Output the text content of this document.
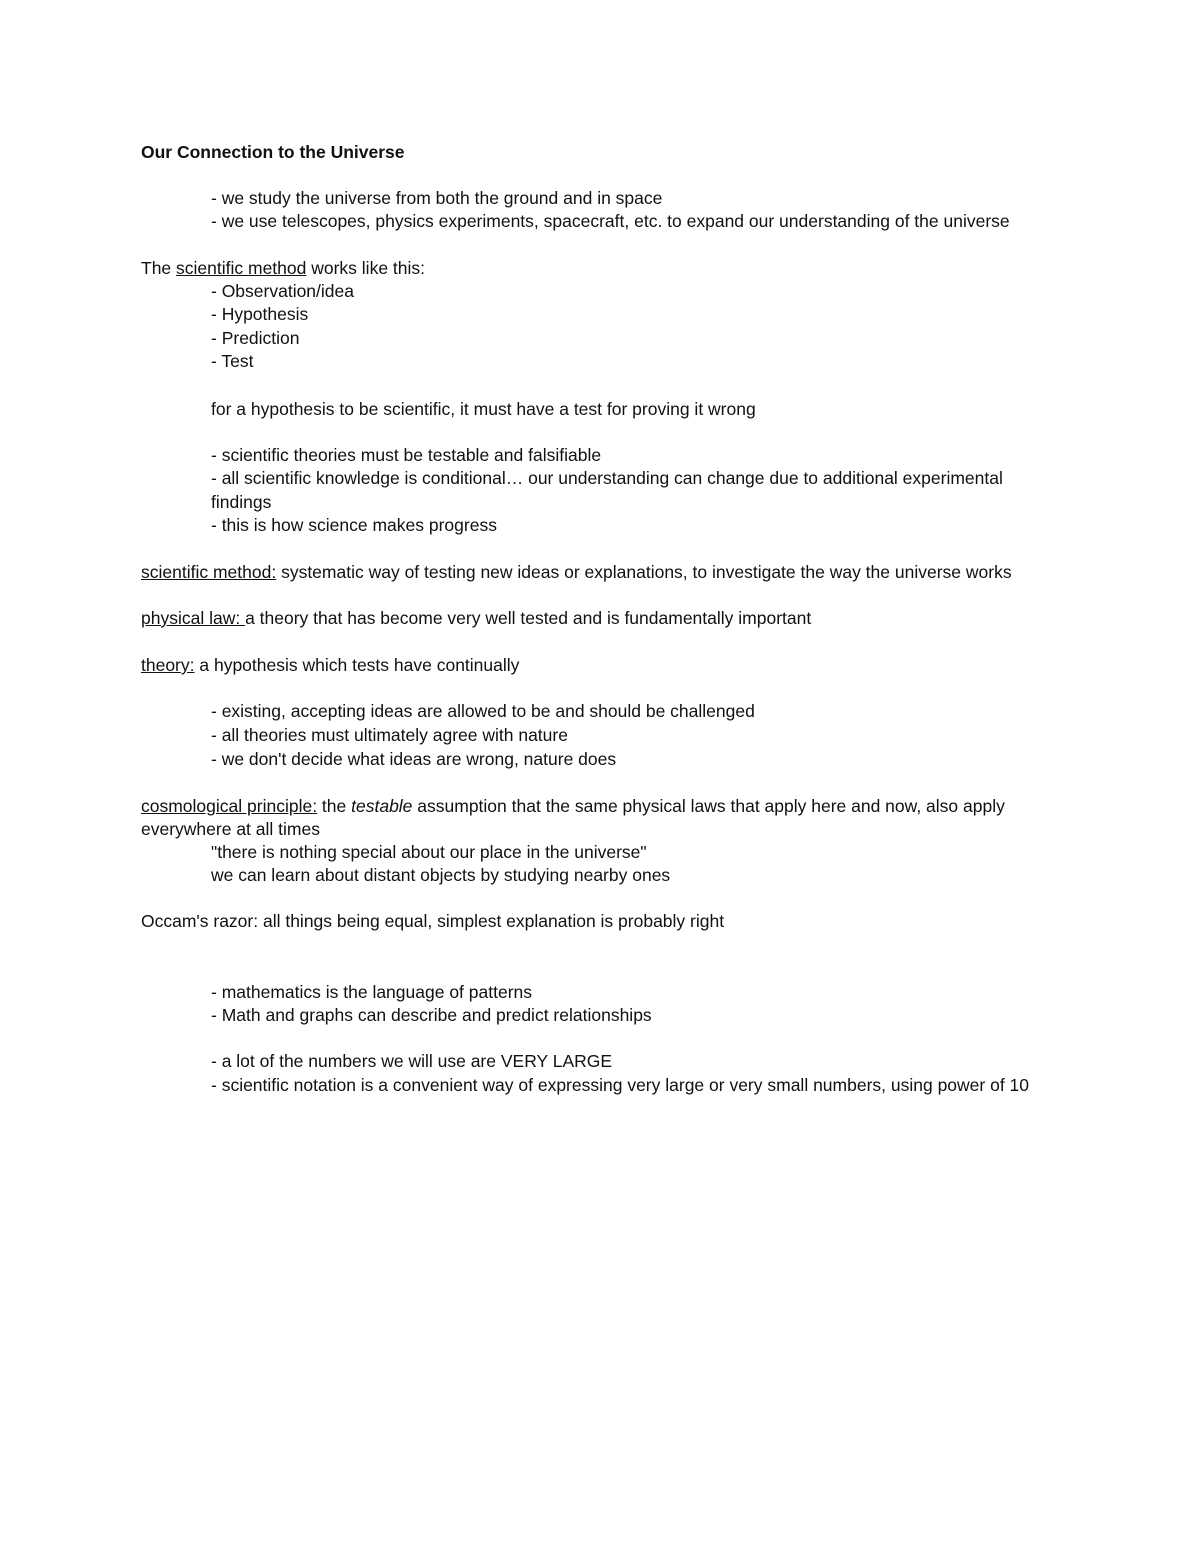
Our Connection to the Universe
- we study the universe from both the ground and in space
- we use telescopes, physics experiments, spacecraft, etc. to expand our understanding of the universe
The scientific method works like this:
- Observation/idea
- Hypothesis
- Prediction
- Test
for a hypothesis to be scientific, it must have a test for proving it wrong
- scientific theories must be testable and falsifiable
- all scientific knowledge is conditional… our understanding can change due to additional experimental
findings
- this is how science makes progress
scientific method: systematic way of testing new ideas or explanations, to investigate the way the universe works
physical law: a theory that has become very well tested and is fundamentally important
theory: a hypothesis which tests have continually
- existing, accepting ideas are allowed to be and should be challenged
- all theories must ultimately agree with nature
- we don't decide what ideas are wrong, nature does
cosmological principle: the testable assumption that the same physical laws that apply here and now, also apply
everywhere at all times
"there is nothing special about our place in the universe"
we can learn about distant objects by studying nearby ones
Occam's razor: all things being equal, simplest explanation is probably right
- mathematics is the language of patterns
- Math and graphs can describe and predict relationships
- a lot of the numbers we will use are VERY LARGE
- scientific notation is a convenient way of expressing very large or very small numbers, using power of 10
